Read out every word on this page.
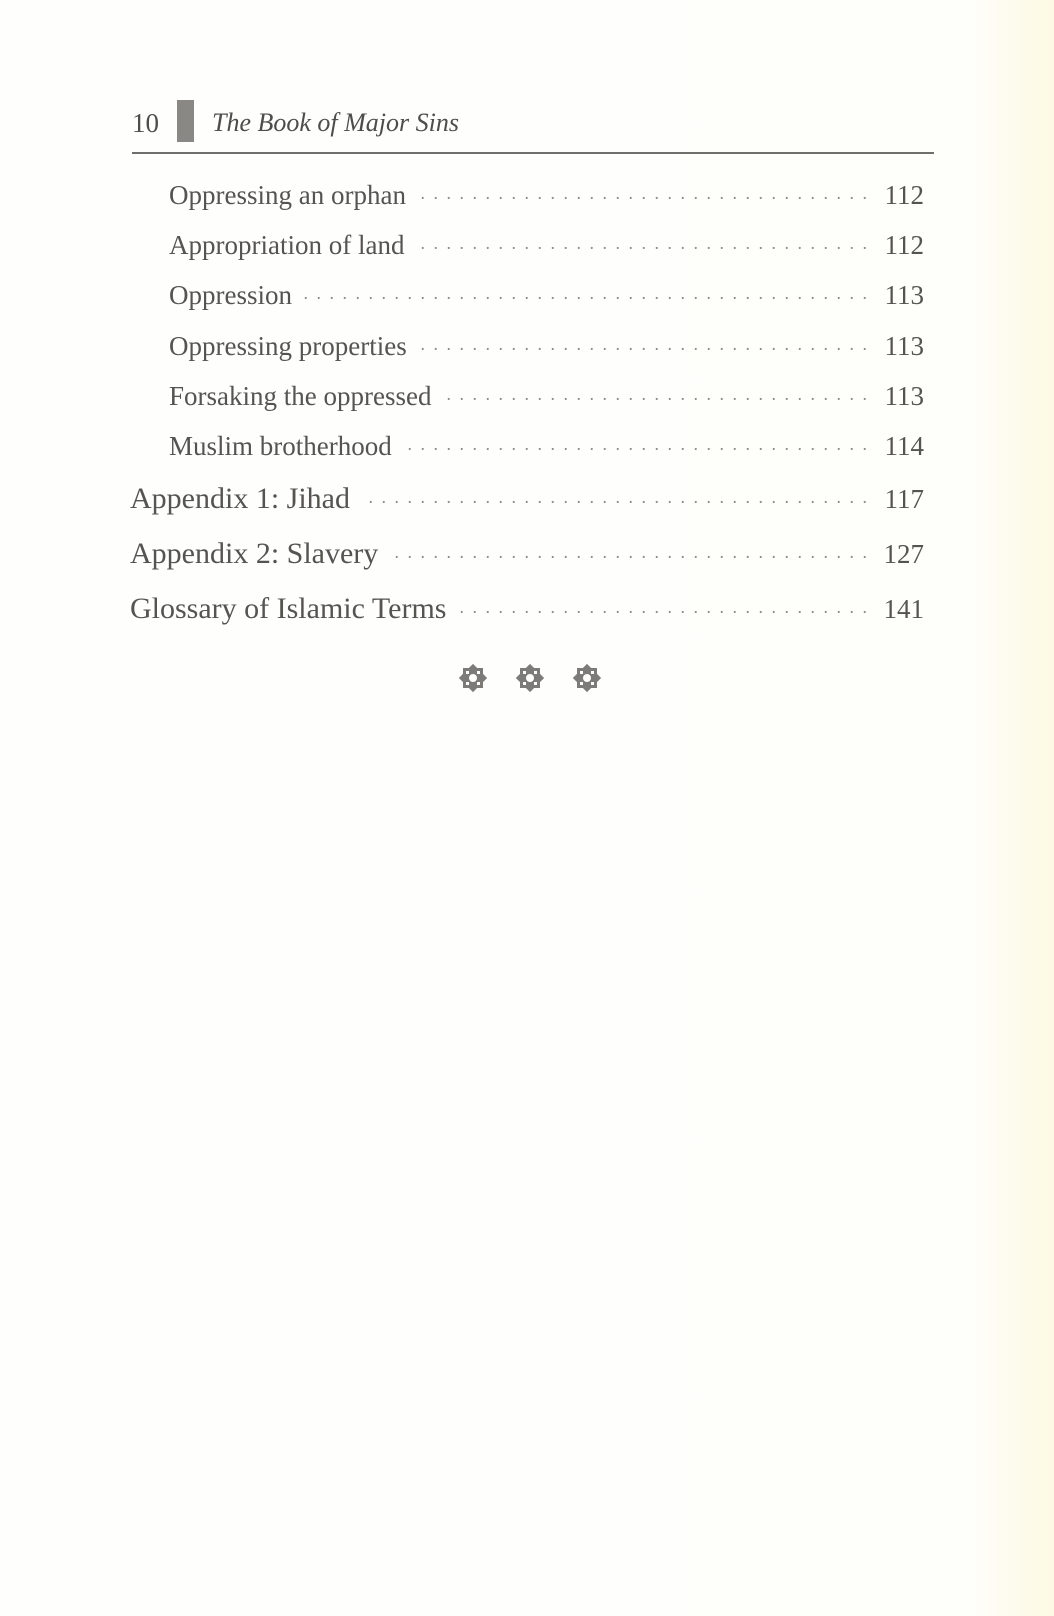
10 The Book of Major Sins
Oppressing an orphan . . .	112
Appropriation of land . . .	112
Oppression . . .	113
Oppressing properties . . .	113
Forsaking the oppressed . . .	113
Muslim brotherhood . . .	114
Appendix 1: Jihad . . .	117
Appendix 2: Slavery . . .	127
Glossary of Islamic Terms . . .	141
